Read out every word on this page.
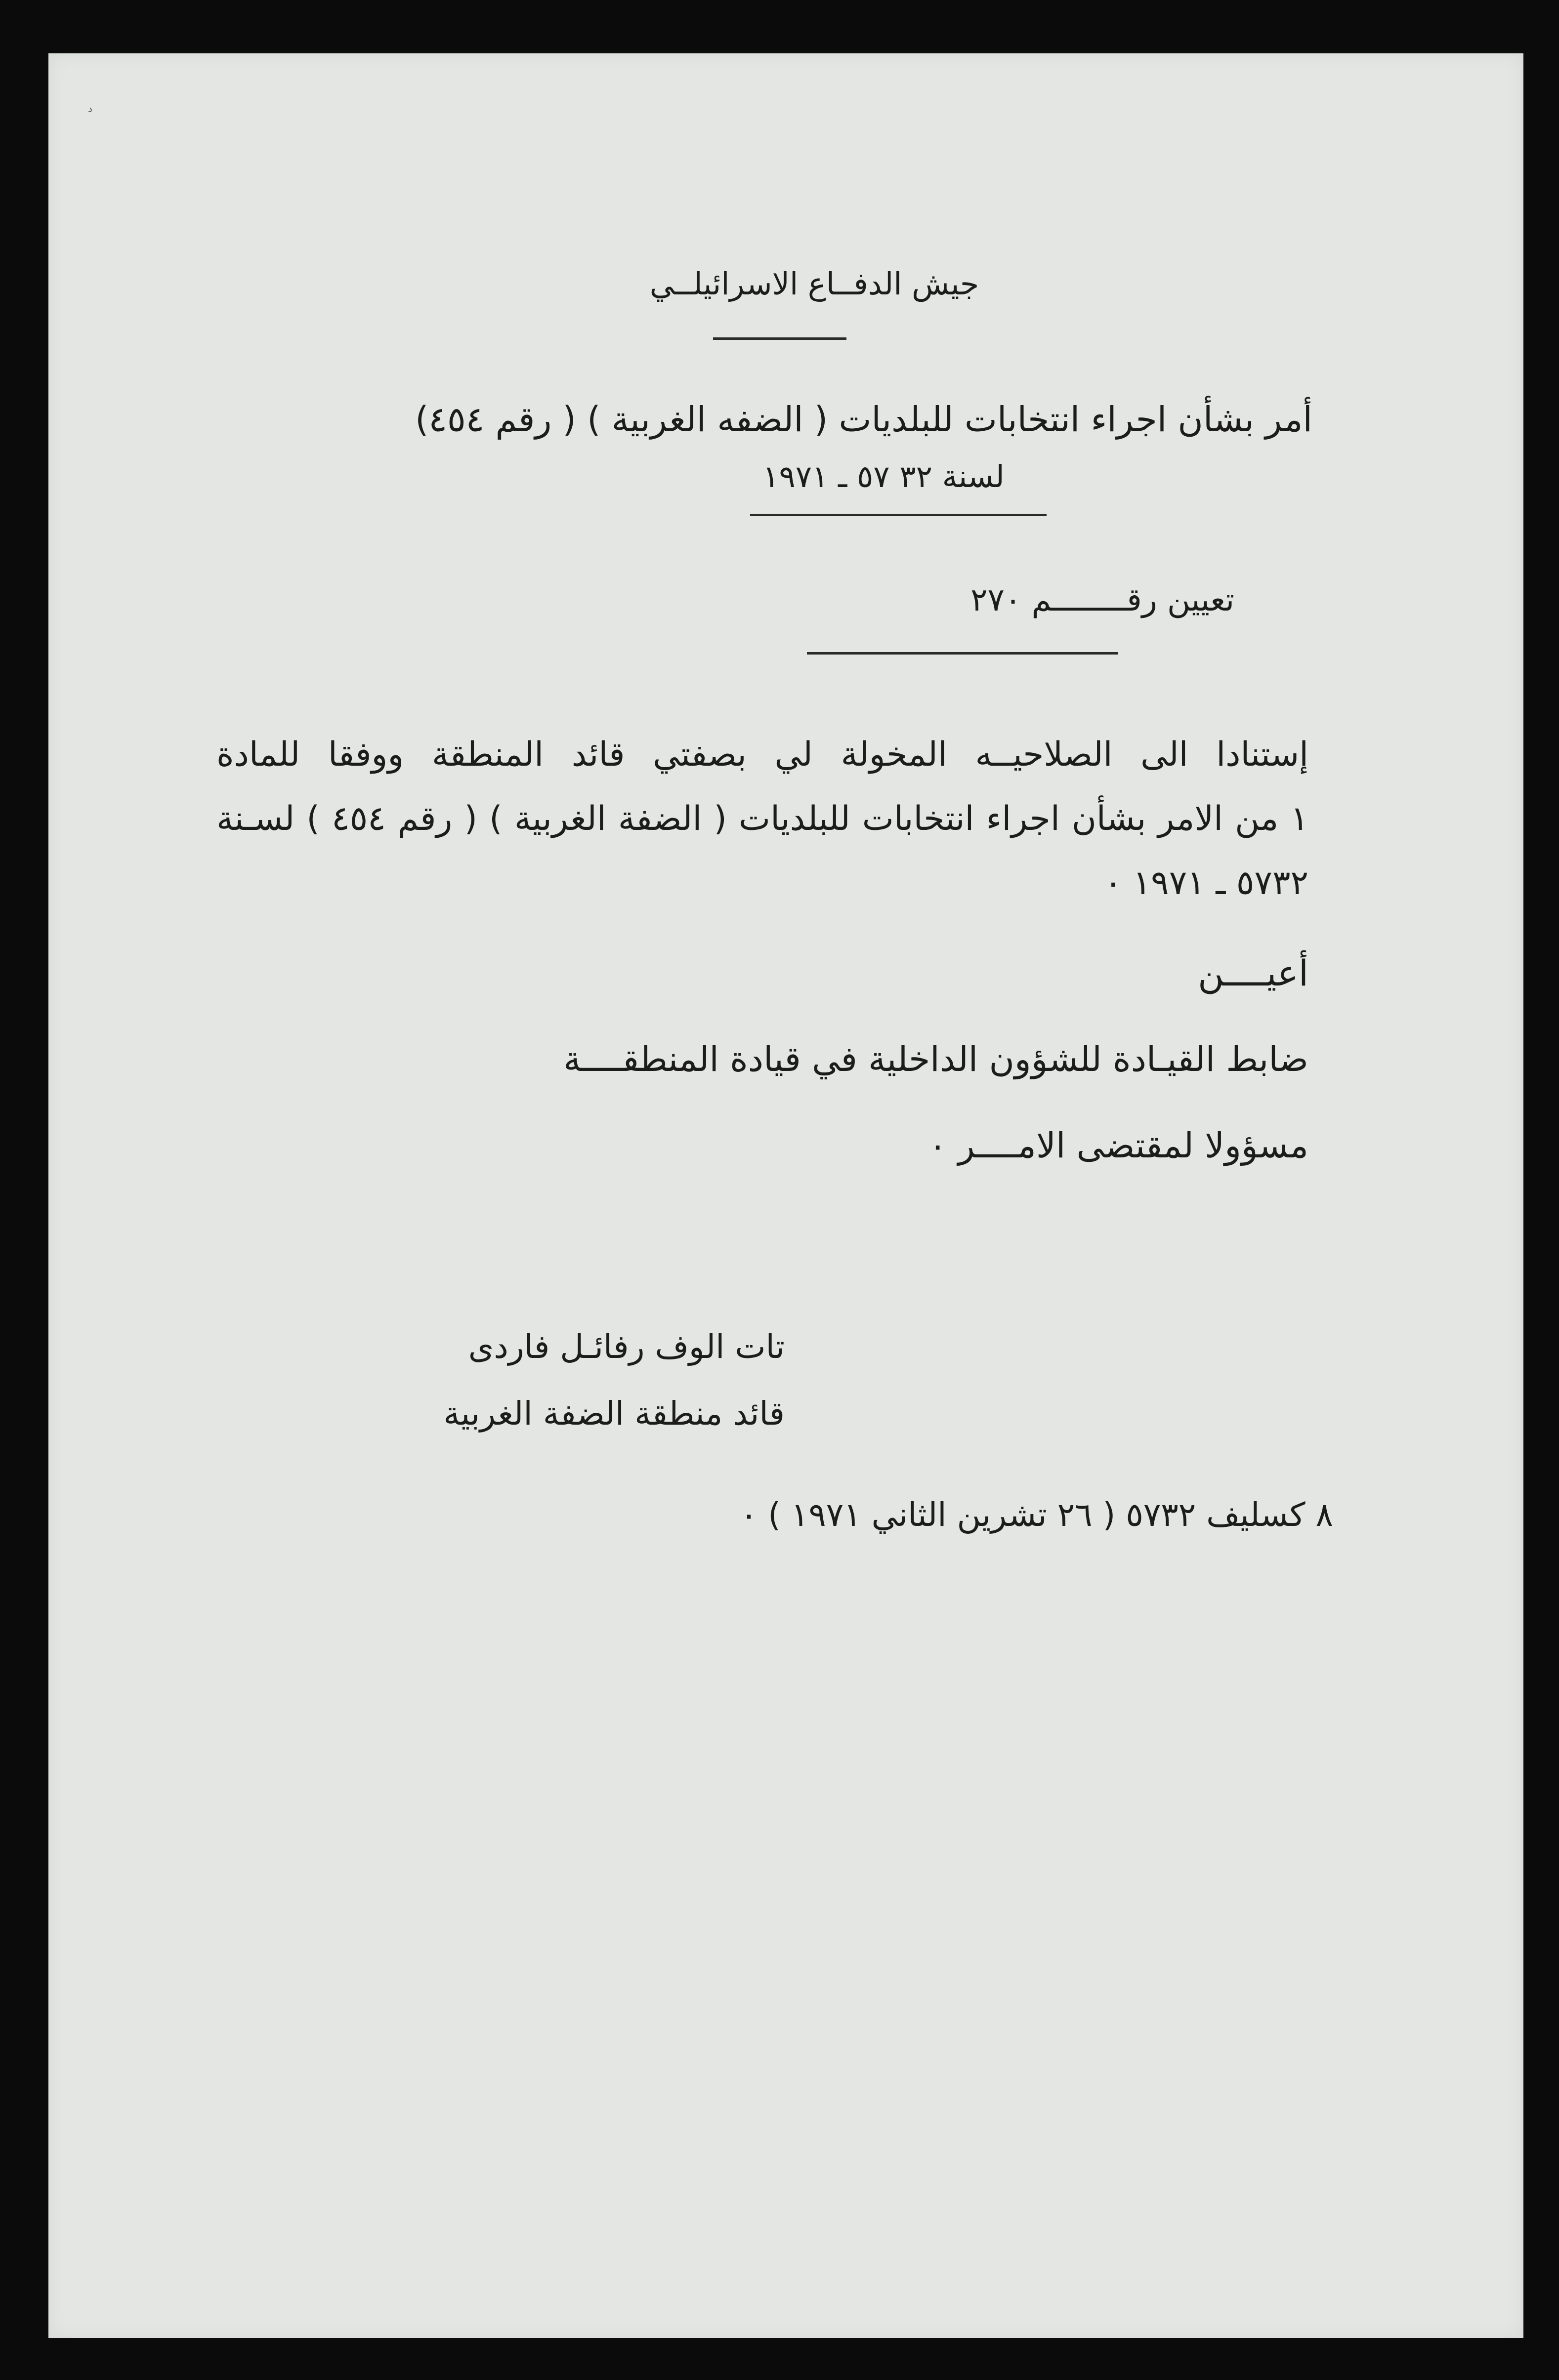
د
جيش الدفــاع الاسرائيلــي
أمر بشأن اجراء انتخابات للبلديات ( الضفه الغربية ) ( رقم ٤٥٤)
لسنة ٣٢ ٥٧ ـ ١٩٧١
تعيين رقــــــــم ٢٧٠
إستنادا الى الصلاحيــه المخولة لي بصفتي قائد المنطقة ووفقا للمادة
١ من الامر بشأن اجراء انتخابات للبلديات ( الضفة الغربية ) ( رقم ٤٥٤ ) لسـنة
٥٧٣٢ ـ ١٩٧١ ٠
أعيــــن
ضابط القيـادة للشؤون الداخلية في قيادة المنطقــــة
مسؤولا لمقتضى الامــــر ٠
تات الوف رفائـل فاردى
قائد منطقة الضفة الغربية
٨ كسليف ٥٧٣٢ ( ٢٦ تشرين الثاني ١٩٧١ ) ٠
